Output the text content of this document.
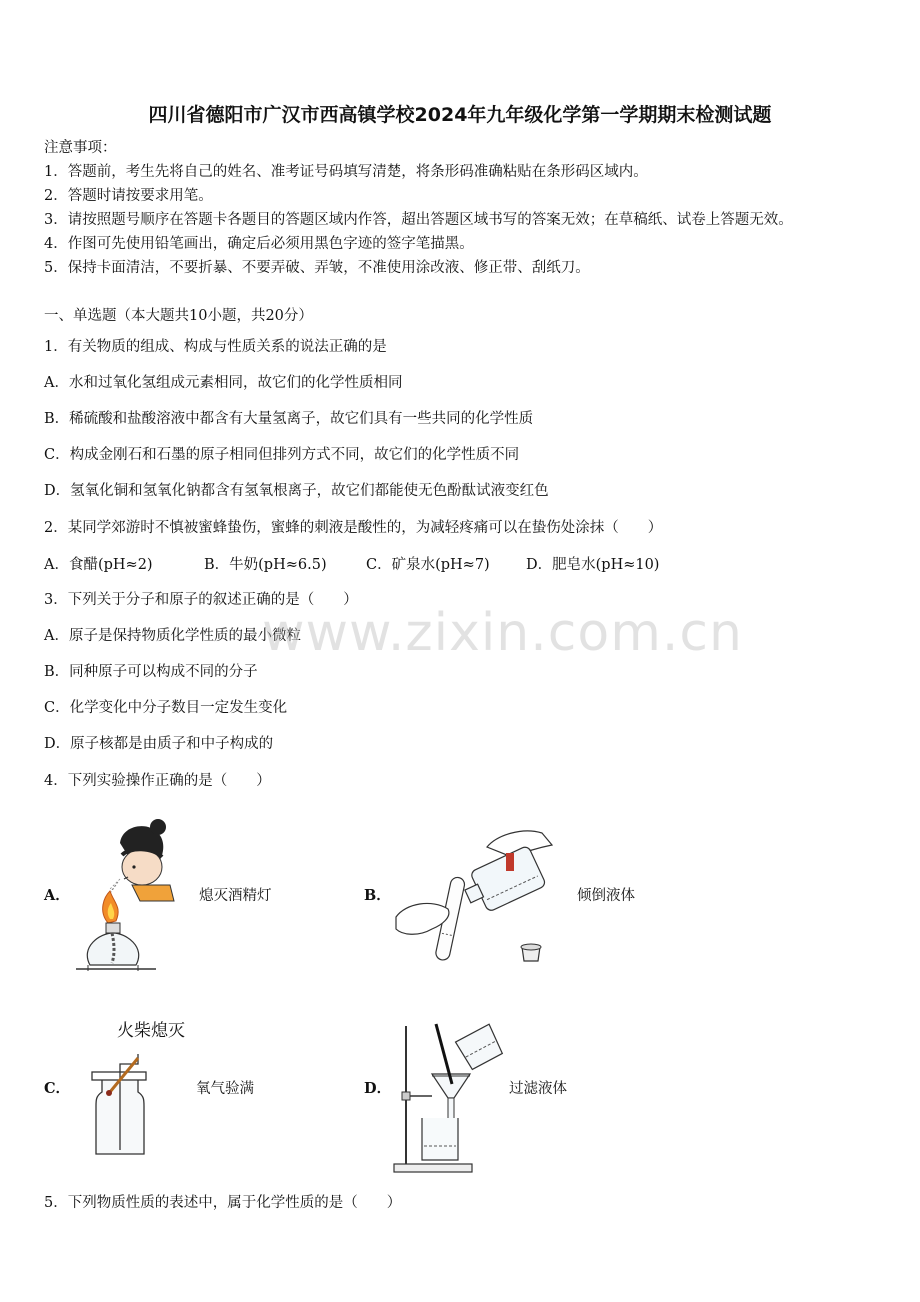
四川省德阳市广汉市西高镇学校2024年九年级化学第一学期期末检测试题
注意事项：
1．答题前，考生先将自己的姓名、准考证号码填写清楚，将条形码准确粘贴在条形码区域内。
2．答题时请按要求用笔。
3．请按照题号顺序在答题卡各题目的答题区域内作答，超出答题区域书写的答案无效；在草稿纸、试卷上答题无效。
4．作图可先使用铅笔画出，确定后必须用黑色字迹的签字笔描黑。
5．保持卡面清洁，不要折暴、不要弄破、弄皱，不准使用涂改液、修正带、刮纸刀。
一、单选题（本大题共10小题，共20分）
1．有关物质的组成、构成与性质关系的说法正确的是
A．水和过氧化氢组成元素相同，故它们的化学性质相同
B．稀硫酸和盐酸溶液中都含有大量氢离子，故它们具有一些共同的化学性质
C．构成金刚石和石墨的原子相同但排列方式不同，故它们的化学性质不同
D．氢氧化铜和氢氧化钠都含有氢氧根离子，故它们都能使无色酚酞试液变红色
2．某同学郊游时不慎被蜜蜂蛰伤，蜜蜂的刺液是酸性的，为减轻疼痛可以在蛰伤处涂抹（　　）
A．食醋(pH≈2)	B．牛奶(pH≈6.5)	C．矿泉水(pH≈7)	D．肥皂水(pH≈10)
3．下列关于分子和原子的叙述正确的是（　　）
A．原子是保持物质化学性质的最小微粒
B．同种原子可以构成不同的分子
C．化学变化中分子数目一定发生变化
D．原子核都是由质子和中子构成的
www.zixin.com.cn
4．下列实验操作正确的是（　　）
A．	熄灭酒精灯	B．	倾倒液体
火柴熄灭
C．	氧气验满	D．	过滤液体
5．下列物质性质的表述中，属于化学性质的是（　　）
